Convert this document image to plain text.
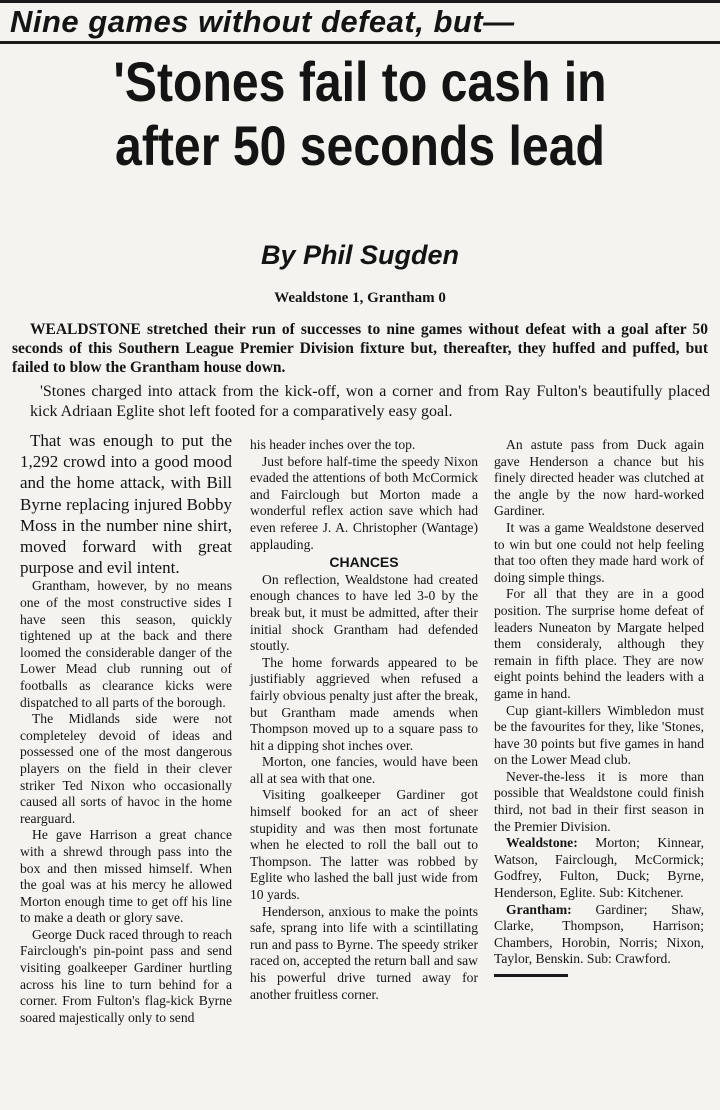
Nine games without defeat, but—
'Stones fail to cash in
after 50 seconds lead
By Phil Sugden
Wealdstone 1, Grantham 0
WEALDSTONE stretched their run of successes to nine games without defeat with a goal after 50 seconds of this Southern League Premier Division fixture but, thereafter, they huffed and puffed, but failed to blow the Grantham house down.
'Stones charged into attack from the kick-off, won a corner and from Ray Fulton's beautifully placed kick Adriaan Eglite shot left footed for a comparatively easy goal.

That was enough to put the 1,292 crowd into a good mood and the home attack, with Bill Byrne replacing injured Bobby Moss in the number nine shirt, moved forward with great purpose and evil intent.

Grantham, however, by no means one of the most constructive sides I have seen this season, quickly tightened up at the back and there loomed the considerable danger of the Lower Mead club running out of footballs as clearance kicks were dispatched to all parts of the borough.

The Midlands side were not completeley devoid of ideas and possessed one of the most dangerous players on the field in their clever striker Ted Nixon who occasionally caused all sorts of havoc in the home rearguard.

He gave Harrison a great chance with a shrewd through pass into the box and then missed himself. When the goal was at his mercy he allowed Morton enough time to get off his line to make a death or glory save.

George Duck raced through to reach Fairclough's pin-point pass and send visiting goalkeeper Gardiner hurtling across his line to turn behind for a corner. From Fulton's flag-kick Byrne soared majestically only to send

his header inches over the top.

Just before half-time the speedy Nixon evaded the attentions of both McCormick and Fairclough but Morton made a wonderful reflex action save which had even referee J. A. Christopher (Wantage) applauding.

CHANCES

On reflection, Wealdstone had created enough chances to have led 3-0 by the break but, it must be admitted, after their initial shock Grantham had defended stoutly.

The home forwards appeared to be justifiably aggrieved when refused a fairly obvious penalty just after the break, but Grantham made amends when Thompson moved up to a square pass to hit a dipping shot inches over.

Morton, one fancies, would have been all at sea with that one.

Visiting goalkeeper Gardiner got himself booked for an act of sheer stupidity and was then most fortunate when he elected to roll the ball out to Thompson. The latter was robbed by Eglite who lashed the ball just wide from 10 yards.

Henderson, anxious to make the points safe, sprang into life with a scintillating run and pass to Byrne. The speedy striker raced on, accepted the return ball and saw his powerful drive turned away for another fruitless corner.

An astute pass from Duck again gave Henderson a chance but his finely directed header was clutched at the angle by the now hard-worked Gardiner.

It was a game Wealdstone deserved to win but one could not help feeling that too often they made hard work of doing simple things.

For all that they are in a good position. The surprise home defeat of leaders Nuneaton by Margate helped them consideraly, although they remain in fifth place. They are now eight points behind the leaders with a game in hand.

Cup giant-killers Wimbledon must be the favourites for they, like 'Stones, have 30 points but five games in hand on the Lower Mead club.

Never-the-less it is more than possible that Wealdstone could finish third, not bad in their first season in the Premier Division.

Wealdstone: Morton; Kinnear, Watson, Fairclough, McCormick; Godfrey, Fulton, Duck; Byrne, Henderson, Eglite. Sub: Kitchener.

Grantham: Gardiner; Shaw, Clarke, Thompson, Harrison; Chambers, Horobin, Norris; Nixon, Taylor, Benskin. Sub: Crawford.
